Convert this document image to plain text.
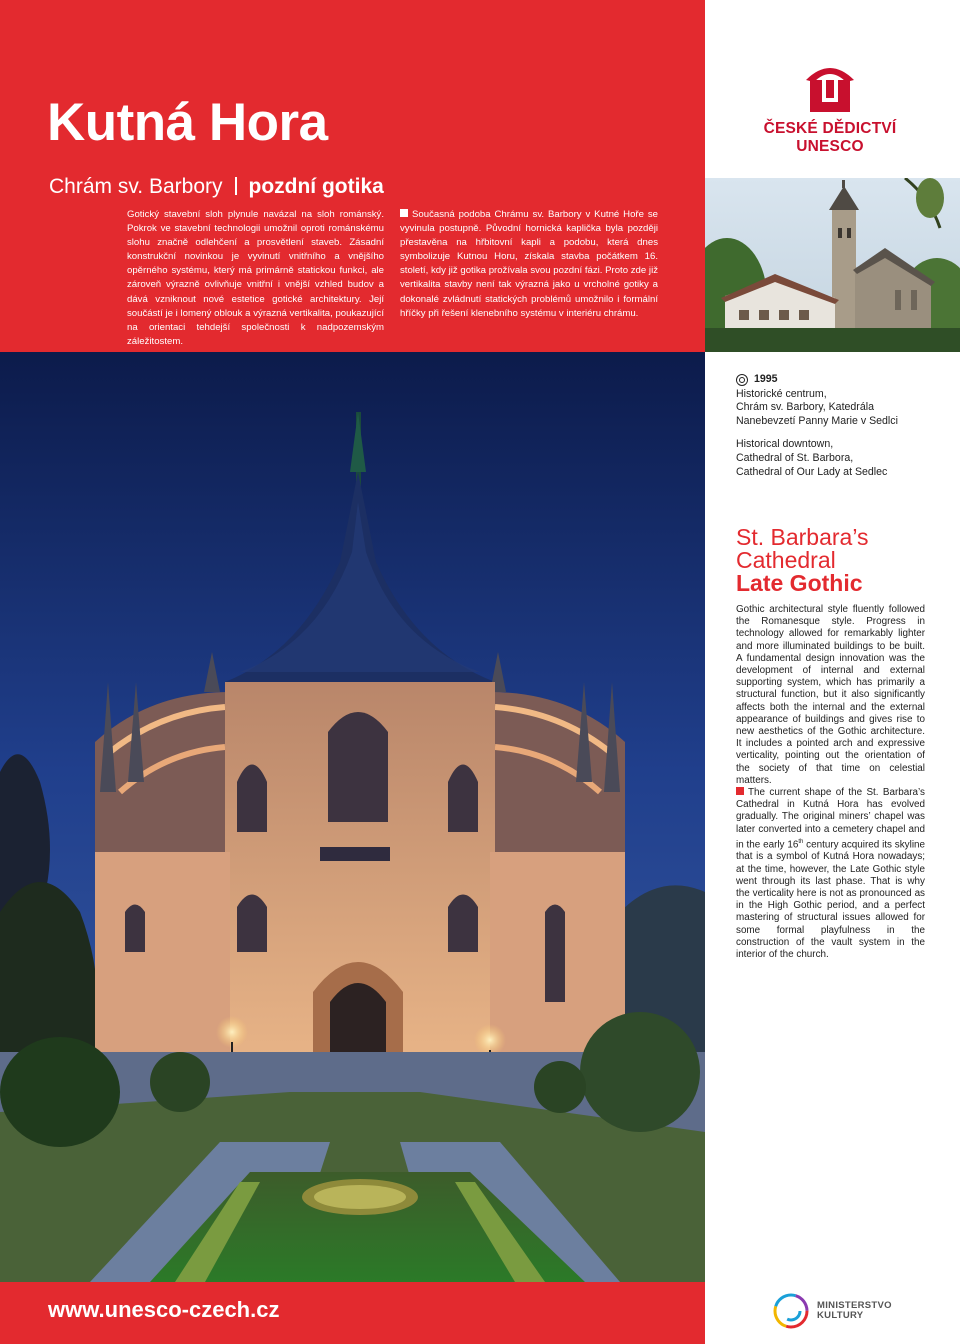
Kutná Hora
Chrám sv. Barbory pozdní gotika
Gotický stavební sloh plynule navázal na sloh románský. Pokrok ve stavební technologii umožnil oproti románskému slohu značně odlehčení a prosvětlení staveb. Zásadní konstrukční novinkou je vyvinutí vnitřního a vnějšího opěrného systému, který má primárně statickou funkci, ale zároveň výrazně ovlivňuje vnitřní i vnější vzhled budov a dává vzniknout nové estetice gotické architektury. Její součástí je i lomený oblouk a výrazná vertikalita, poukazující na orientaci tehdejší společnosti k nadpozemským záležitostem.
Současná podoba Chrámu sv. Barbory v Kutné Hoře se vyvinula postupně. Původní hornická kaplička byla později přestavěna na hřbitovní kapli a podobu, která dnes symbolizuje Kutnou Horu, získala stavba počátkem 16. století, kdy již gotika prožívala svou pozdní fázi. Proto zde již vertikalita stavby není tak výrazná jako u vrcholné gotiky a dokonalé zvládnutí statických problémů umožnilo i formální hříčky při řešení klenebního systému v interiéru chrámu.
ČESKÉ DĚDICTVÍ
UNESCO
1995
Historické centrum,
Chrám sv. Barbory, Katedrála
Nanebevzetí Panny Marie v Sedlci
Historical downtown,
Cathedral of St. Barbora,
Cathedral of Our Lady at Sedlec
St. Barbara’s
Cathedral
Late Gothic

Gothic architectural style fluently followed the Romanesque style. Progress in technology allowed for remarkably lighter and more illuminated buildings to be built. A fundamental design innovation was the development of internal and external supporting system, which has primarily a structural function, but it also significantly affects both the internal and the external appearance of buildings and gives rise to new aesthetics of the Gothic architecture. It includes a pointed arch and expressive verticality, pointing out the orientation of the society of that time on celestial matters.

The current shape of the St. Barbara’s Cathedral in Kutná Hora has evolved gradually. The original miners’ chapel was later converted into a cemetery chapel and in the early 16th century acquired its skyline that is a symbol of Kutná Hora nowadays; at the time, however, the Late Gothic style went through its last phase. That is why the verticality here is not as pronounced as in the High Gothic period, and a perfect mastering of structural issues allowed for some formal playfulness in the construction of the vault system in the interior of the church.

www.unesco-czech.cz	MINISTERSTVO
KULTURY
